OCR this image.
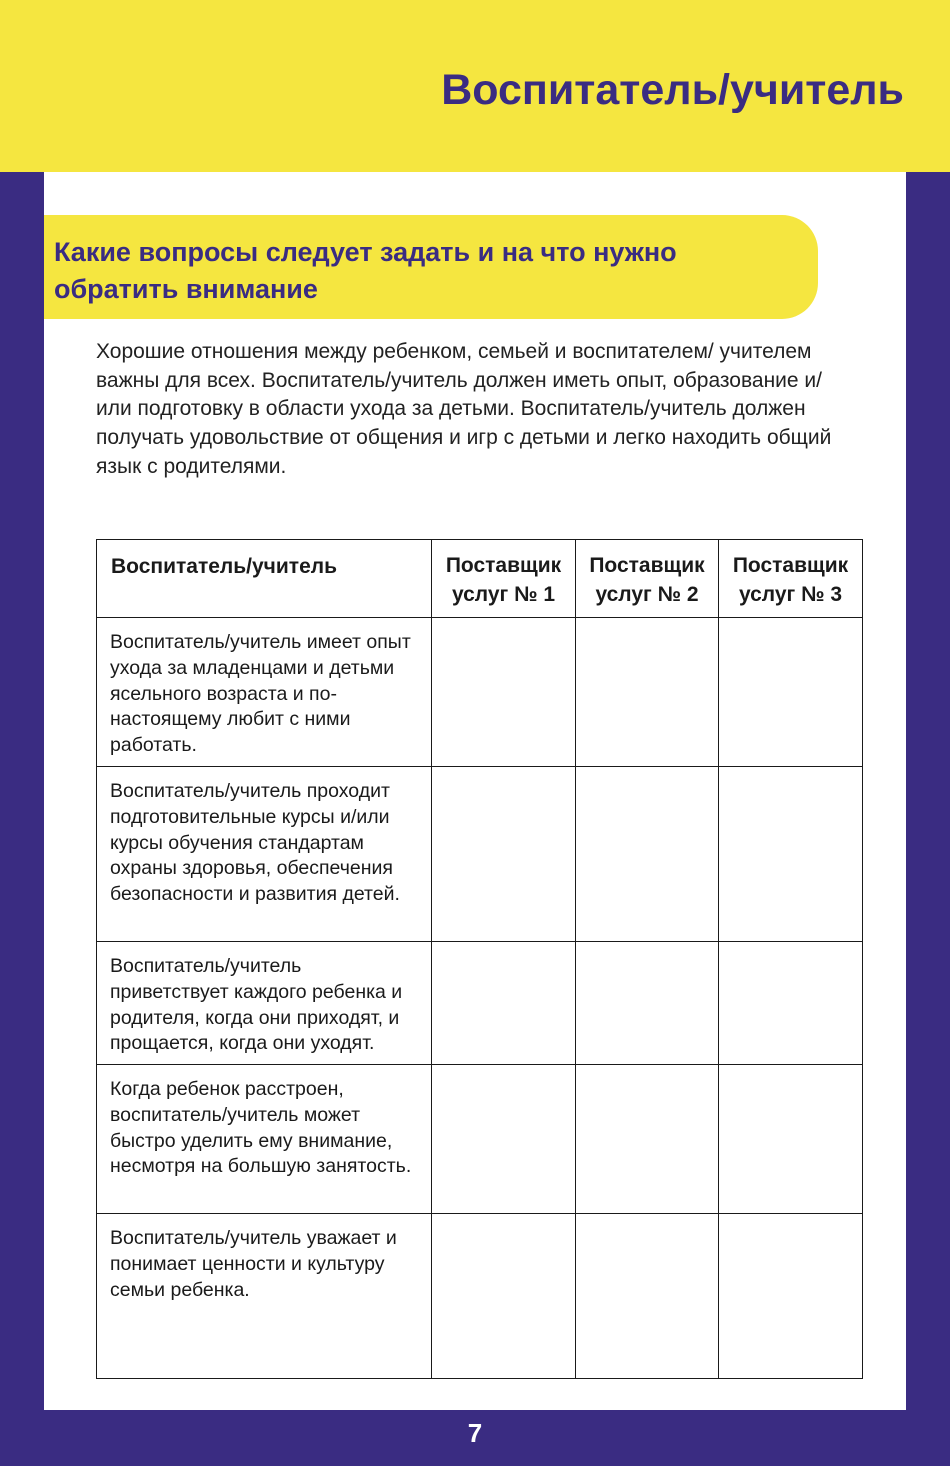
Воспитатель/учитель
Какие вопросы следует задать и на что нужно обратить внимание

Хорошие отношения между ребенком, семьей и воспитателем/ учителем важны для всех. Воспитатель/учитель должен иметь опыт, образование и/или подготовку в области ухода за детьми. Воспитатель/учитель должен получать удовольствие от общения и игр с детьми и легко находить общий язык с родителями.

Воспитатель/учитель	Поставщик услуг № 1	Поставщик услуг № 2	Поставщик услуг № 3
Воспитатель/учитель имеет опыт ухода за младенцами и детьми ясельного возраста и по-настоящему любит с ними работать.			
Воспитатель/учитель проходит подготовительные курсы и/или курсы обучения стандартам охраны здоровья, обеспечения безопасности и развития детей.			
Воспитатель/учитель приветствует каждого ребенка и родителя, когда они приходят, и прощается, когда они уходят.			
Когда ребенок расстроен, воспитатель/учитель может быстро уделить ему внимание, несмотря на большую занятость.			
Воспитатель/учитель уважает и понимает ценности и культуру семьи ребенка.			
7
